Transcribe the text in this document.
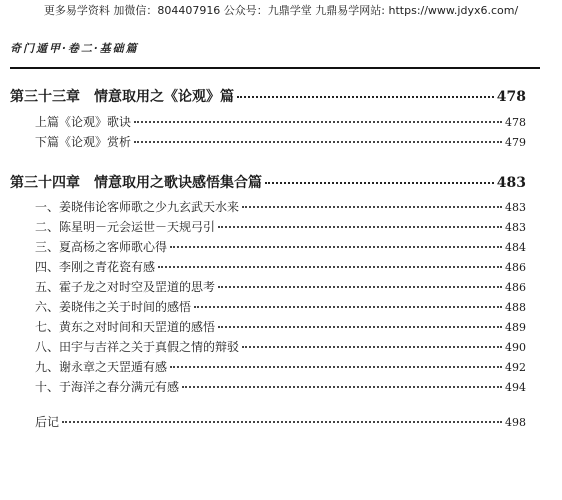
更多易学资料 加微信：804407916 公众号：九鼎学堂 九鼎易学网站: https://www.jdyx6.com/
奇门遁甲·卷二·基础篇
第三十三章　情意取用之《论观》篇	478
上篇《论观》歌诀	478
下篇《论观》赏析	479
第三十四章　情意取用之歌诀感悟集合篇	483
一、姜晓伟论客师歌之少九玄武天水来	483
二、陈星明－元会运世－天规弓引	483
三、夏高杨之客师歌心得	484
四、李刚之青花瓷有感	486
五、霍子龙之对时空及罡道的思考	486
六、姜晓伟之关于时间的感悟	488
七、黄东之对时间和天罡道的感悟	489
八、田宇与吉祥之关于真假之情的辩驳	490
九、谢永章之天罡遁有感	492
十、于海洋之春分满元有感	494
后记	498
